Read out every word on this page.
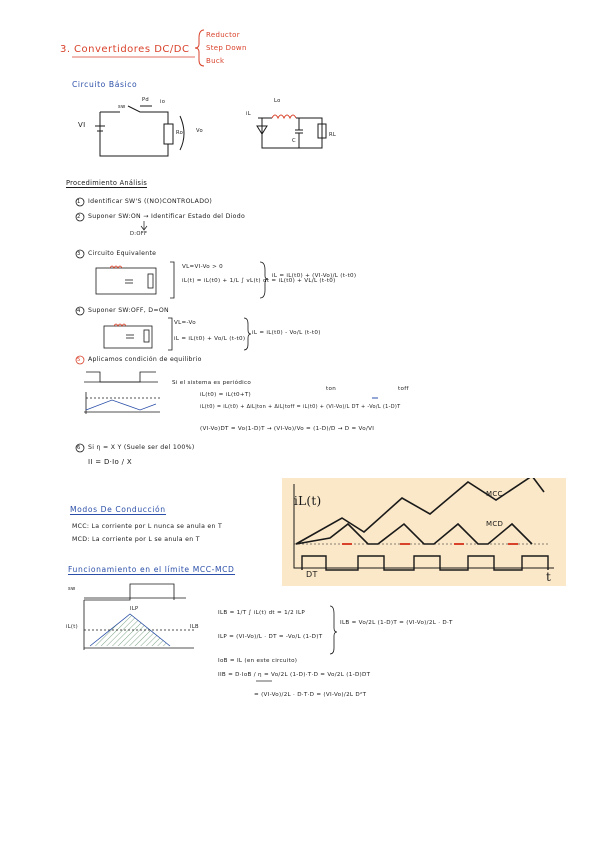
3. Convertidores DC/DC
Reductor
Step Down
Buck
Circuito Básico
Procedimiento Análisis
Modos De Conducción
Funcionamiento en el límite MCC-MCD
1 Identificar SW'S ((NO)CONTROLADO)
2 Suponer SW:ON → Identificar Estado del Diodo
D:OFF
3 Circuito Equivalente
4 Suponer SW:OFF, D=ON
5 Aplicamos condición de equilibrio
6 Si η = X Y (Suele ser del 100%)
VI
sw
Pd io
Ro Vo
Lo
iL
C
RL
VL=VI-Vo > 0
iL(t) = iL(t0) + 1/L ∫ vL(t) dt = iL(t0) + VL/L (t-t0)
iL = iL(t0) + (VI-Vo)/L (t-t0)
VL=-Vo
iL = iL(t0) + Vo/L (t-t0)
iL = iL(t0) - Vo/L (t-t0)
Si el sistema es periódico
iL(t0) = iL(t0+T)
ton	toff
iL(t0) = iL(t0) + ΔiL|ton + ΔiL|toff = iL(t0) + (VI-Vo)/L DT + -Vo/L (1-D)T
(VI-Vo)DT = Vo(1-D)T → (VI-Vo)/Vo = (1-D)/D → D = Vo/VI
II = D·Io / X
MCC: La corriente por L nunca se anula en T
MCD: La corriente por L se anula en T
iL(t)
t
MCC
MCD
DT
sw
iL(t)
ILP
ILB
ILB = 1/T ∫ iL(t) dt = 1/2 ILP
ILP = (VI-Vo)/L · DT = -Vo/L (1-D)T
ILB = Vo/2L (1-D)T = (VI-Vo)/2L · D·T
IoB = IL (en este circuito)
IIB = D·IoB / η = Vo/2L (1-D)·T·D = Vo/2L (1-D)DT
= (VI-Vo)/2L · D·T·D = (VI-Vo)/2L D²T
